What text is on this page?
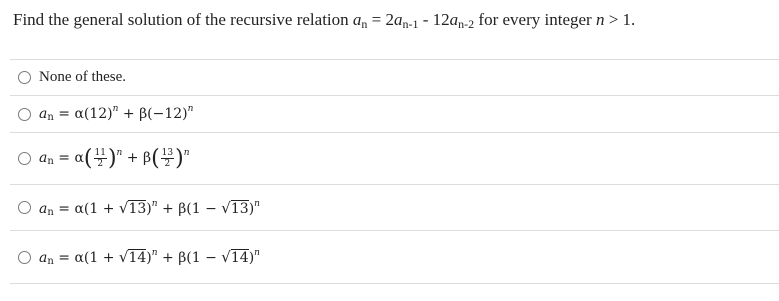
Find the general solution of the recursive relation $a_n = 2a_{n-1} - 12a_{n-2}$ for every integer n > 1.
None of these.
$a_n = \alpha(12)^n + \beta(-12)^n$
$a_n = \alpha( \frac{11}{2} )^n + \beta( \frac{13}{2} )^n$
$a_n = \alpha(1 + √13)^n + \beta(1 - √13)^n$
$a_n = \alpha(1 + √14)^n + \beta(1 - √14)^n$
